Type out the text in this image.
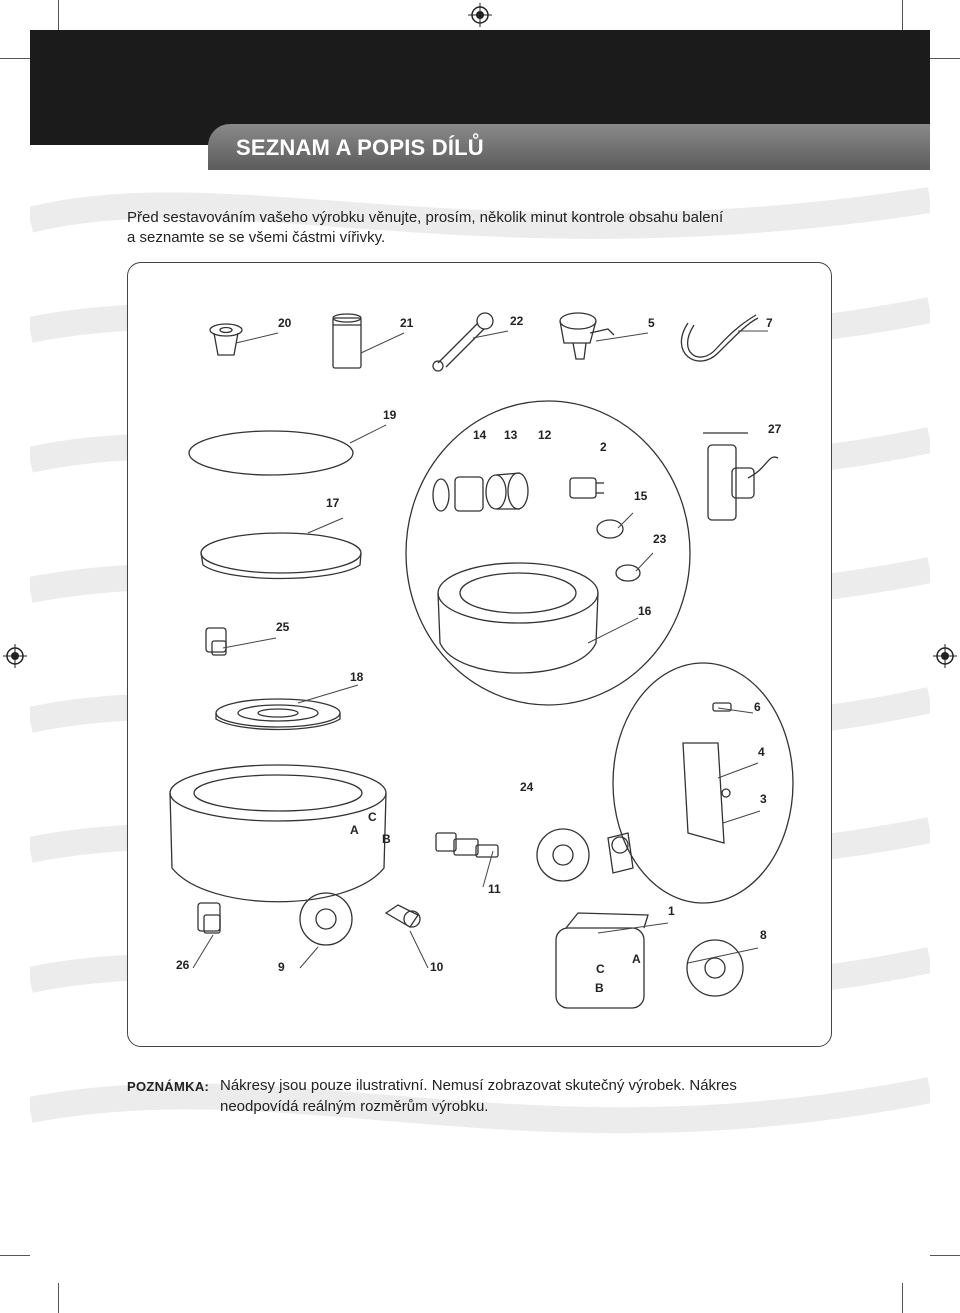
SEZNAM A POPIS DÍLŮ
Před sestavováním vašeho výrobku věnujte, prosím, několik minut kontrole obsahu balení
a seznamte se se všemi částmi vířivky.
20	21	22	5	7
19
14 13 12
2
27
17	15
23
16
25
18
6
4
3
24
11
1
8
26	9	10
A
C
B
C
B
A
POZNÁMKA: Nákresy jsou pouze ilustrativní. Nemusí zobrazovat skutečný výrobek. Nákres
neodpovídá reálným rozměrům výrobku.
